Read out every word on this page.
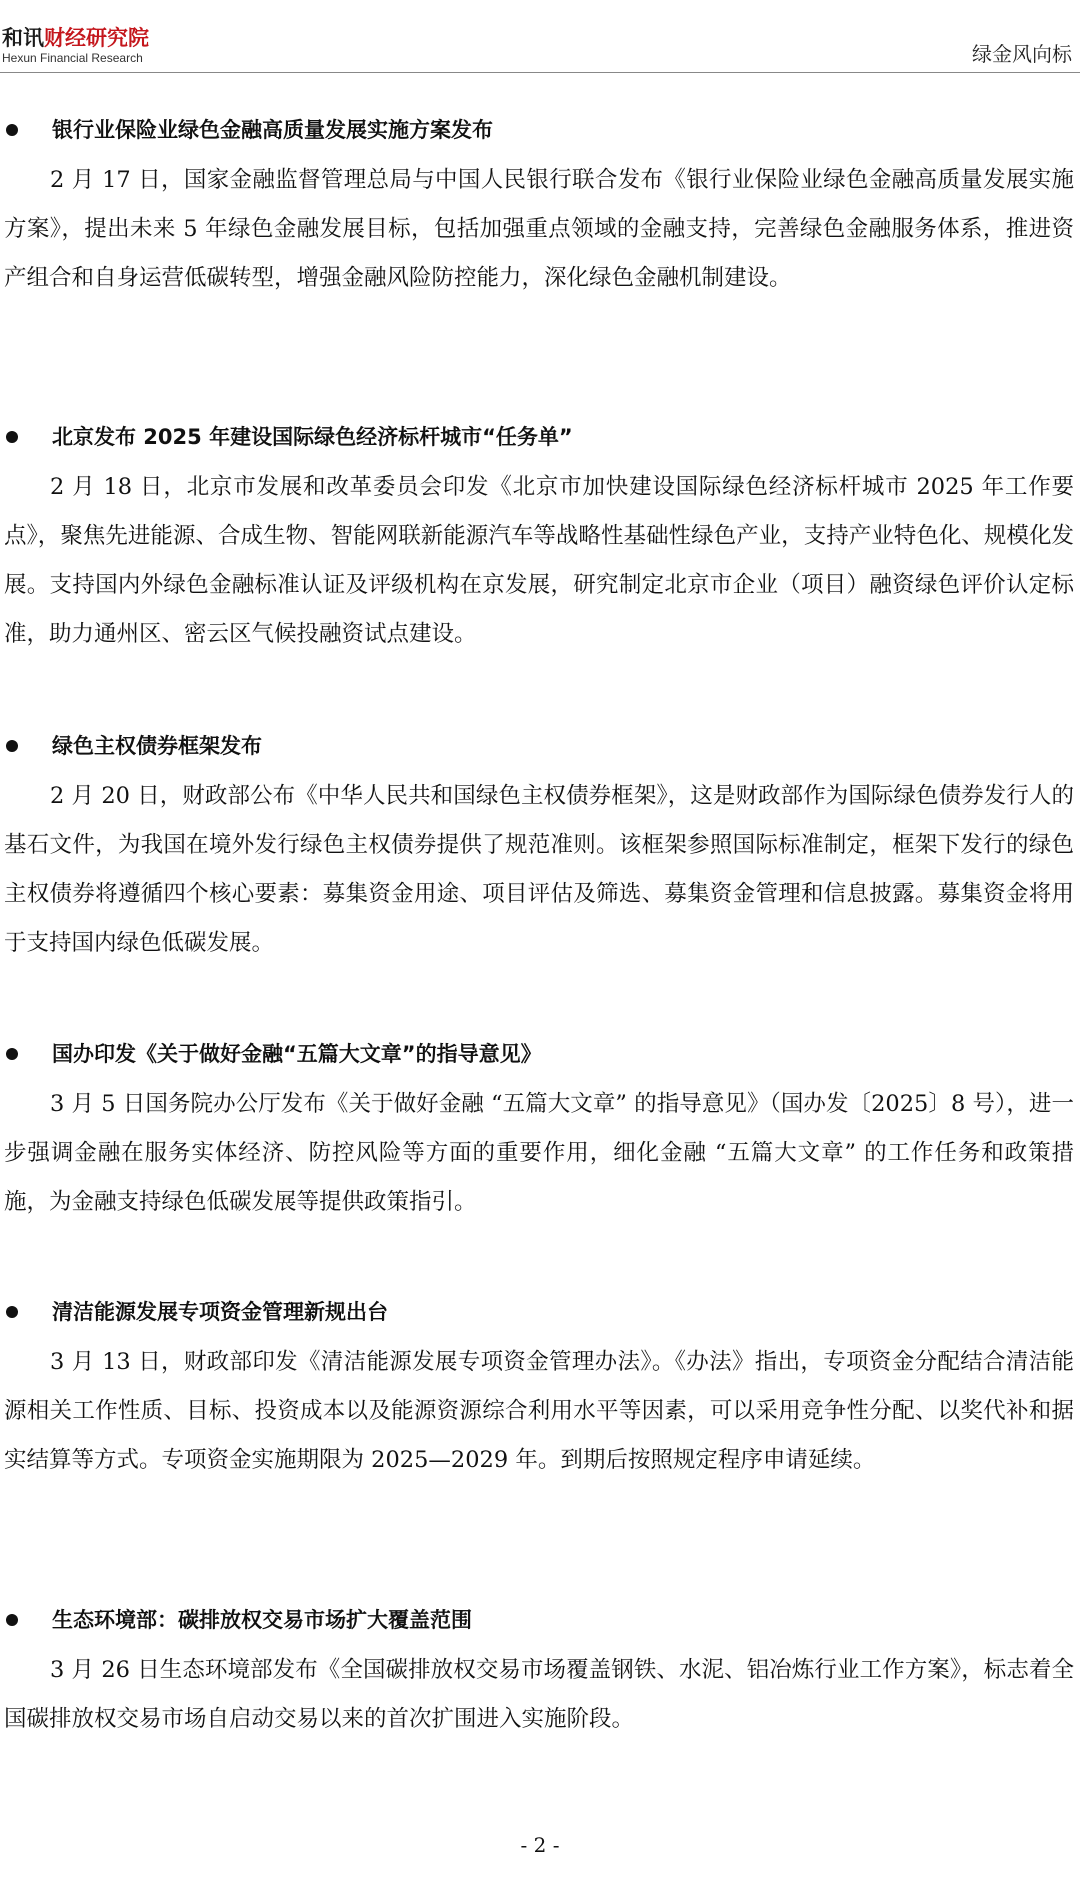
和讯财经研究院
Hexun Financial Research	绿金风向标
银行业保险业绿色金融高质量发展实施方案发布

2 月 17 日，国家金融监督管理总局与中国人民银行联合发布《银行业保险业绿色金融高质量发展实施方案》，提出未来 5 年绿色金融发展目标，包括加强重点领域的金融支持，完善绿色金融服务体系，推进资产组合和自身运营低碳转型，增强金融风险防控能力，深化绿色金融机制建设。

北京发布 2025 年建设国际绿色经济标杆城市“任务单”

2 月 18 日，北京市发展和改革委员会印发《北京市加快建设国际绿色经济标杆城市 2025 年工作要点》，聚焦先进能源、合成生物、智能网联新能源汽车等战略性基础性绿色产业，支持产业特色化、规模化发展。支持国内外绿色金融标准认证及评级机构在京发展，研究制定北京市企业（项目）融资绿色评价认定标准，助力通州区、密云区气候投融资试点建设。

绿色主权债券框架发布

2 月 20 日，财政部公布《中华人民共和国绿色主权债券框架》，这是财政部作为国际绿色债券发行人的基石文件，为我国在境外发行绿色主权债券提供了规范准则。该框架参照国际标准制定，框架下发行的绿色主权债券将遵循四个核心要素：募集资金用途、项目评估及筛选、募集资金管理和信息披露。募集资金将用于支持国内绿色低碳发展。

国办印发《关于做好金融“五篇大文章”的指导意见》

3 月 5 日国务院办公厅发布《关于做好金融 “五篇大文章” 的指导意见》（国办发〔2025〕8 号），进一步强调金融在服务实体经济、防控风险等方面的重要作用，细化金融 “五篇大文章” 的工作任务和政策措施，为金融支持绿色低碳发展等提供政策指引。

清洁能源发展专项资金管理新规出台

3 月 13 日，财政部印发《清洁能源发展专项资金管理办法》。《办法》指出，专项资金分配结合清洁能源相关工作性质、目标、投资成本以及能源资源综合利用水平等因素，可以采用竞争性分配、以奖代补和据实结算等方式。专项资金实施期限为 2025—2029 年。到期后按照规定程序申请延续。

生态环境部：碳排放权交易市场扩大覆盖范围

3 月 26 日生态环境部发布《全国碳排放权交易市场覆盖钢铁、水泥、铝冶炼行业工作方案》，标志着全国碳排放权交易市场自启动交易以来的首次扩围进入实施阶段。

- 2 -
